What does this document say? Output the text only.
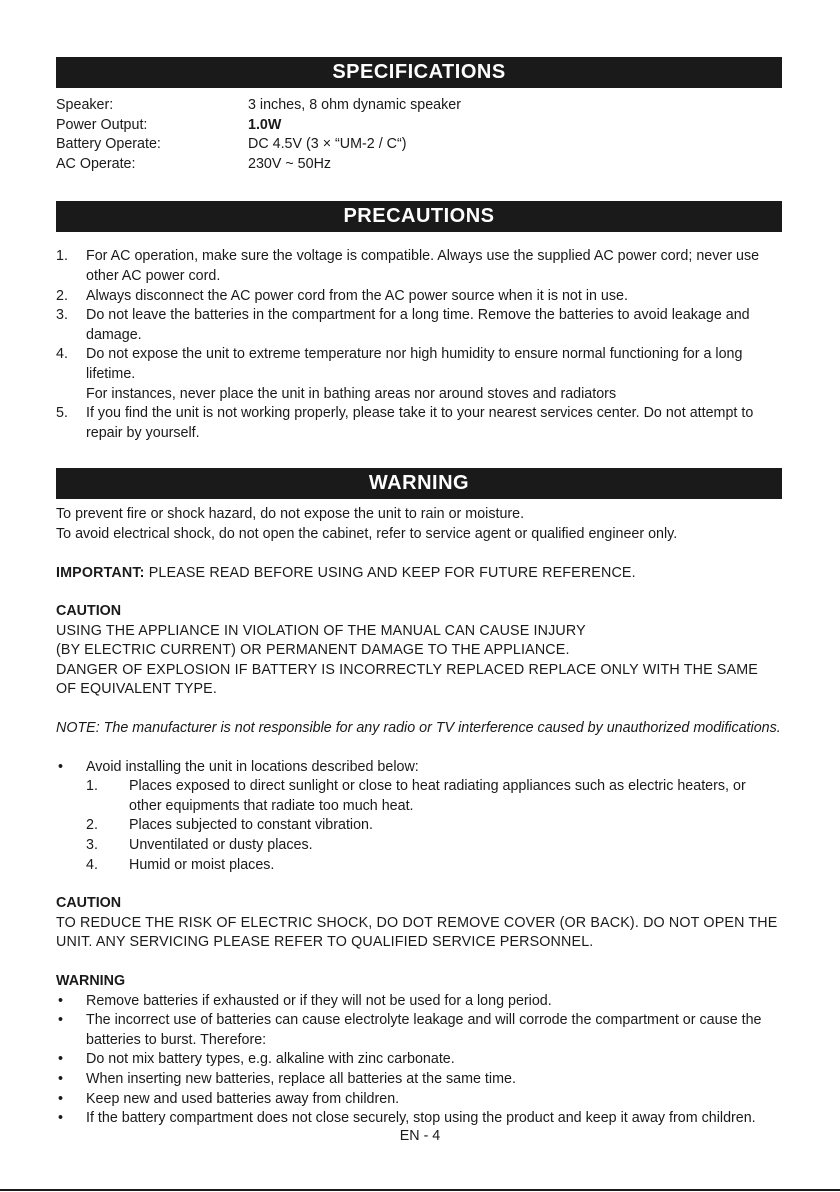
SPECIFICATIONS
Speaker:	3 inches, 8 ohm dynamic speaker
Power Output:	1.0W
Battery Operate:	DC 4.5V (3 × “UM-2 / C“)
AC Operate:	230V ~ 50Hz
PRECAUTIONS
1.	For AC operation, make sure the voltage is compatible. Always use the supplied AC power cord; never use other AC power cord.
2.	Always disconnect the AC power cord from the AC power source when it is not in use.
3.	Do not leave the batteries in the compartment for a long time. Remove the batteries to avoid leakage and damage.
4.	Do not expose the unit to extreme temperature nor high humidity to ensure normal functioning for a long lifetime.
For instances, never place the unit in bathing areas nor around stoves and radiators
5.	If you find the unit is not working properly, please take it to your nearest services center. Do not attempt to repair by yourself.
WARNING
To prevent fire or shock hazard, do not expose the unit to rain or moisture.
To avoid electrical shock, do not open the cabinet, refer to service agent or qualified engineer only.
IMPORTANT: PLEASE READ BEFORE USING AND KEEP FOR FUTURE REFERENCE.
CAUTION
USING THE APPLIANCE IN VIOLATION OF THE MANUAL CAN CAUSE INJURY
(BY ELECTRIC CURRENT) OR PERMANENT DAMAGE TO THE APPLIANCE.
DANGER OF EXPLOSION IF BATTERY IS INCORRECTLY REPLACED REPLACE ONLY WITH THE SAME OF EQUIVALENT TYPE.
NOTE: The manufacturer is not responsible for any radio or TV interference caused by unauthorized modifications.
•	Avoid installing the unit in locations described below:
1.	Places exposed to direct sunlight or close to heat radiating appliances such as electric heaters, or other equipments that radiate too much heat.
2.	Places subjected to constant vibration.
3.	Unventilated or dusty places.
4.	Humid or moist places.
CAUTION
TO REDUCE THE RISK OF ELECTRIC SHOCK, DO DOT REMOVE COVER (OR BACK). DO NOT OPEN THE UNIT. ANY SERVICING PLEASE REFER TO QUALIFIED SERVICE PERSONNEL.
WARNING
•	Remove batteries if exhausted or if they will not be used for a long period.
•	The incorrect use of batteries can cause electrolyte leakage and will corrode the compartment or cause the batteries to burst. Therefore:
•	Do not mix battery types, e.g. alkaline with zinc carbonate.
•	When inserting new batteries, replace all batteries at the same time.
•	Keep new and used batteries away from children.
•	If the battery compartment does not close securely, stop using the product and keep it away from children.
EN - 4
